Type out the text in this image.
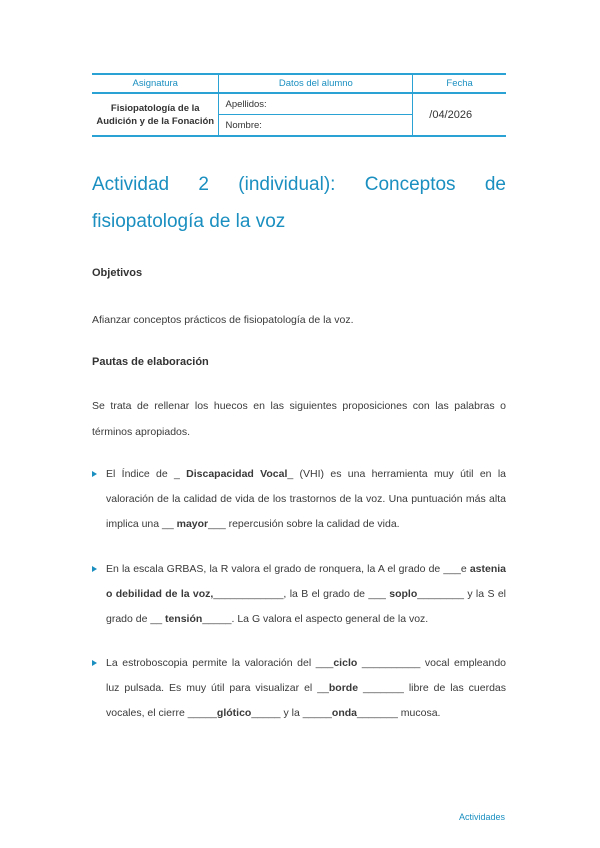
Asignatura	Datos del alumno	Fecha
Fisiopatología de la Audición y de la Fonación	Apellidos:	/04/2026
	Nombre:	
Actividad 2 (individual): Conceptos de fisiopatología de la voz
Objetivos

Afianzar conceptos prácticos de fisiopatología de la voz.

Pautas de elaboración

Se trata de rellenar los huecos en las siguientes proposiciones con las palabras o términos apropiados.

El Índice de _ Discapacidad Vocal_ (VHI) es una herramienta muy útil en la valoración de la calidad de vida de los trastornos de la voz. Una puntuación más alta implica una __ mayor___ repercusión sobre la calidad de vida.
En la escala GRBAS, la R valora el grado de ronquera, la A el grado de ___e astenia o debilidad de la voz,____________, la B el grado de ___ soplo________ y la S el grado de __ tensión_____. La G valora el aspecto general de la voz.
La estroboscopia permite la valoración del ___ciclo __________ vocal empleando luz pulsada. Es muy útil para visualizar el __borde _______ libre de las cuerdas vocales, el cierre _____glótico_____ y la _____onda_______ mucosa.
Actividades
